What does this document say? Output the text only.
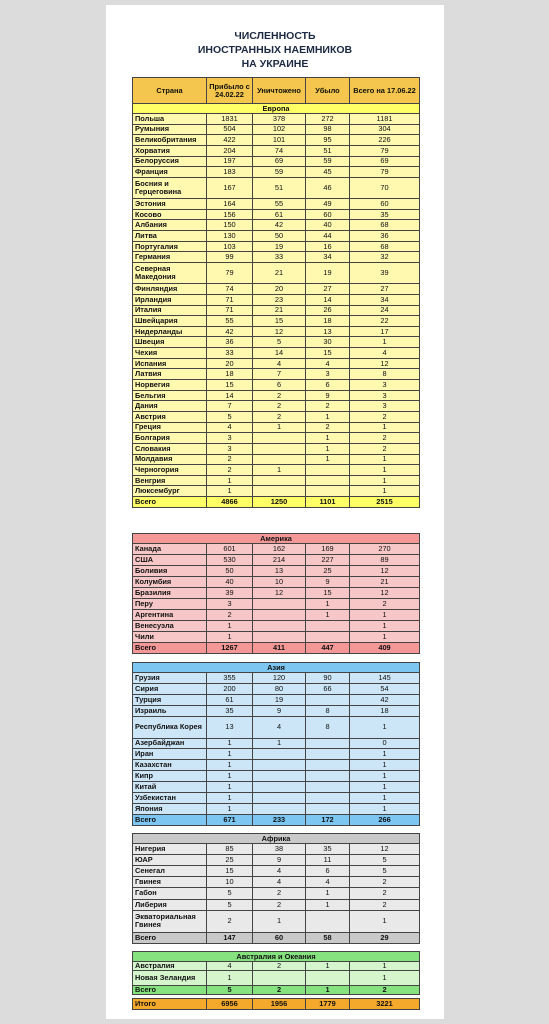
ЧИСЛЕННОСТЬ
ИНОСТРАННЫХ НАЕМНИКОВ
НА УКРАИНЕ
Страна	Прибыло с 24.02.22	Уничтожено	Убыло	Всего на 17.06.22
Европа				
Польша	1831	378	272	1181
Румыния	504	102	98	304
Великобритания	422	101	95	226
Хорватия	204	74	51	79
Белоруссия	197	69	59	69
Франция	183	59	45	79
Босния и Герцеговина	167	51	46	70
Эстония	164	55	49	60
Косово	156	61	60	35
Албания	150	42	40	68
Литва	130	50	44	36
Португалия	103	19	16	68
Германия	99	33	34	32
Северная Македония	79	21	19	39
Финляндия	74	20	27	27
Ирландия	71	23	14	34
Италия	71	21	26	24
Швейцария	55	15	18	22
Нидерланды	42	12	13	17
Швеция	36	5	30	1
Чехия	33	14	15	4
Испания	20	4	4	12
Латвия	18	7	3	8
Норвегия	15	6	6	3
Бельгия	14	2	9	3
Дания	7	2	2	3
Австрия	5	2	1	2
Греция	4	1	2	1
Болгария	3		1	2
Словакия	3		1	2
Молдавия	2		1	1
Черногория	2	1		1
Венгрия	1			1
Люксембург	1			1
Всего	4866	1250	1101	2515
Америка				
Канада	601	162	169	270
США	530	214	227	89
Боливия	50	13	25	12
Колумбия	40	10	9	21
Бразилия	39	12	15	12
Перу	3		1	2
Аргентина	2		1	1
Венесуэла	1			1
Чили	1			1
Всего	1267	411	447	409
Азия				
Грузия	355	120	90	145
Сирия	200	80	66	54
Турция	61	19		42
Израиль	35	9	8	18
Республика Корея	13	4	8	1
Азербайджан	1	1		0
Иран	1			1
Казахстан	1			1
Кипр	1			1
Китай	1			1
Узбекистан	1			1
Япония	1			1
Всего	671	233	172	266
Африка				
Нигерия	85	38	35	12
ЮАР	25	9	11	5
Сенегал	15	4	6	5
Гвинея	10	4	4	2
Габон	5	2	1	2
Либерия	5	2	1	2
Экваториальная Гвинея	2	1		1
Всего	147	60	58	29
Австралия и Океания				
Австралия	4	2	1	1
Новая Зеландия	1			1
Всего	5	2	1	2
Итого	6956	1956	1779	3221
